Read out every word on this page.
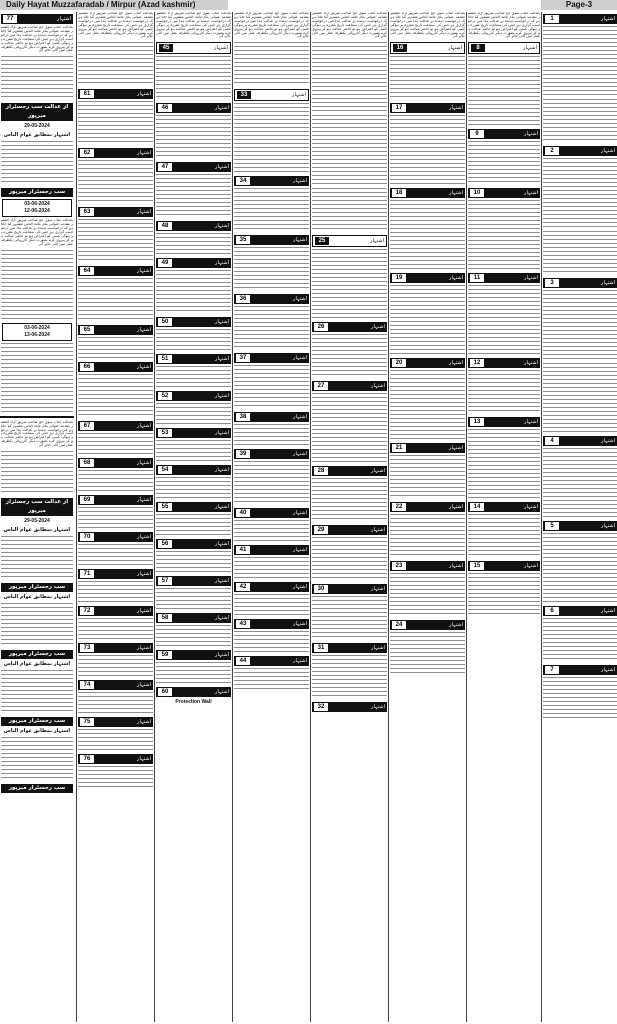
Daily Hayat Muzzafaradab / Mirpur (Azad kashmir)	Page-3
77	اشتہار
بعدالت جناب سول جج صاحب میرپور آزاد کشمیر مقدمہ عنوانی بنام عامۃ الناس مشتہر کیا جاتا ہے کہ درخواست دہندہ نے عدالت ہذا میں درخواست گزاری ہے جس کی سماعت تاریخ مقررہ پر ہوگی کسی کو اعتراض ہو تو حاضر عدالت ہو کر پیروی کرے بصورت دیگر کارروائی یکطرفہ عمل میں لائی جائے گی
از عدالت سب رجسٹرار میرپور
29-05-2024
اشتہار بمطابق عوام الناس
سب رجسٹرار میرپور
03-06-2024
12-06-2024
بعدالت جناب سول جج صاحب میرپور آزاد کشمیر مقدمہ عنوانی بنام عامۃ الناس مشتہر کیا جاتا ہے کہ درخواست دہندہ نے عدالت ہذا میں درخواست گزاری ہے جس کی سماعت تاریخ مقررہ پر ہوگی کسی کو اعتراض ہو تو حاضر عدالت ہو کر پیروی کرے بصورت دیگر کارروائی یکطرفہ عمل میں لائی جائے گی
03-06-2024
13-06-2024
بعدالت جناب سول جج صاحب میرپور آزاد کشمیر مقدمہ عنوانی بنام عامۃ الناس مشتہر کیا جاتا ہے کہ درخواست دہندہ نے عدالت ہذا میں درخواست گزاری ہے جس کی سماعت تاریخ مقررہ پر ہوگی کسی کو اعتراض ہو تو حاضر عدالت ہو کر پیروی کرے بصورت دیگر کارروائی یکطرفہ عمل میں لائی جائے گی
از عدالت سب رجسٹرار میرپور
29-05-2024
اشتہار بمطابق عوام الناس
سب رجسٹرار میرپور
اشتہار بمطابق عوام الناس
سب رجسٹرار میرپور
اشتہار بمطابق عوام الناس
سب رجسٹرار میرپور
اشتہار بمطابق عوام الناس
سب رجسٹرار میرپور
بعدالت جناب سول جج صاحب میرپور آزاد کشمیر مقدمہ عنوانی بنام عامۃ الناس مشتہر کیا جاتا ہے کہ درخواست دہندہ نے عدالت ہذا میں درخواست گزاری ہے جس کی سماعت تاریخ مقررہ پر ہوگی کسی کو اعتراض ہو تو حاضر عدالت ہو کر پیروی کرے بصورت دیگر کارروائی یکطرفہ عمل میں لائی جائے گی
61	اشتہار
62	اشتہار
63	اشتہار
64	اشتہار
65	اشتہار
66	اشتہار
67	اشتہار
68	اشتہار
69	اشتہار
70	اشتہار
71	اشتہار
72	اشتہار
73	اشتہار
74	اشتہار
75	اشتہار
76	اشتہار
بعدالت جناب سول جج صاحب میرپور آزاد کشمیر مقدمہ عنوانی بنام عامۃ الناس مشتہر کیا جاتا ہے کہ درخواست دہندہ نے عدالت ہذا میں درخواست گزاری ہے جس کی سماعت تاریخ مقررہ پر ہوگی کسی کو اعتراض ہو تو حاضر عدالت ہو کر پیروی کرے بصورت دیگر کارروائی یکطرفہ عمل میں لائی جائے گی
45	اشتہار
46	اشتہار
47	اشتہار
48	اشتہار
49	اشتہار
50	اشتہار
51	اشتہار
52	اشتہار
53	اشتہار
54	اشتہار
55	اشتہار
56	اشتہار
57	اشتہار
58	اشتہار
59	اشتہار
60	اشتہار
Protection Wall
بعدالت جناب سول جج صاحب میرپور آزاد کشمیر مقدمہ عنوانی بنام عامۃ الناس مشتہر کیا جاتا ہے کہ درخواست دہندہ نے عدالت ہذا میں درخواست گزاری ہے جس کی سماعت تاریخ مقررہ پر ہوگی کسی کو اعتراض ہو تو حاضر عدالت ہو کر پیروی کرے بصورت دیگر کارروائی یکطرفہ عمل میں لائی جائے گی
33	اشتہار
34	اشتہار
35	اشتہار
36	اشتہار
37	اشتہار
38	اشتہار
39	اشتہار
40	اشتہار
41	اشتہار
42	اشتہار
43	اشتہار
44	اشتہار
بعدالت جناب سول جج صاحب میرپور آزاد کشمیر مقدمہ عنوانی بنام عامۃ الناس مشتہر کیا جاتا ہے کہ درخواست دہندہ نے عدالت ہذا میں درخواست گزاری ہے جس کی سماعت تاریخ مقررہ پر ہوگی کسی کو اعتراض ہو تو حاضر عدالت ہو کر پیروی کرے بصورت دیگر کارروائی یکطرفہ عمل میں لائی جائے گی
25	اشتہار
26	اشتہار
27	اشتہار
28	اشتہار
29	اشتہار
30	اشتہار
31	اشتہار
32	اشتہار
بعدالت جناب سول جج صاحب میرپور آزاد کشمیر مقدمہ عنوانی بنام عامۃ الناس مشتہر کیا جاتا ہے کہ درخواست دہندہ نے عدالت ہذا میں درخواست گزاری ہے جس کی سماعت تاریخ مقررہ پر ہوگی کسی کو اعتراض ہو تو حاضر عدالت ہو کر پیروی کرے بصورت دیگر کارروائی یکطرفہ عمل میں لائی جائے گی
16	اشتہار
17	اشتہار
18	اشتہار
19	اشتہار
20	اشتہار
21	اشتہار
22	اشتہار
23	اشتہار
24	اشتہار
بعدالت جناب سول جج صاحب میرپور آزاد کشمیر مقدمہ عنوانی بنام عامۃ الناس مشتہر کیا جاتا ہے کہ درخواست دہندہ نے عدالت ہذا میں درخواست گزاری ہے جس کی سماعت تاریخ مقررہ پر ہوگی کسی کو اعتراض ہو تو حاضر عدالت ہو کر پیروی کرے بصورت دیگر کارروائی یکطرفہ عمل میں لائی جائے گی
8	اشتہار
9	اشتہار
10	اشتہار
11	اشتہار
12	اشتہار
13	اشتہار
14	اشتہار
15	اشتہار
1	اشتہار
2	اشتہار
3	اشتہار
4	اشتہار
5	اشتہار
6	اشتہار
7	اشتہار
